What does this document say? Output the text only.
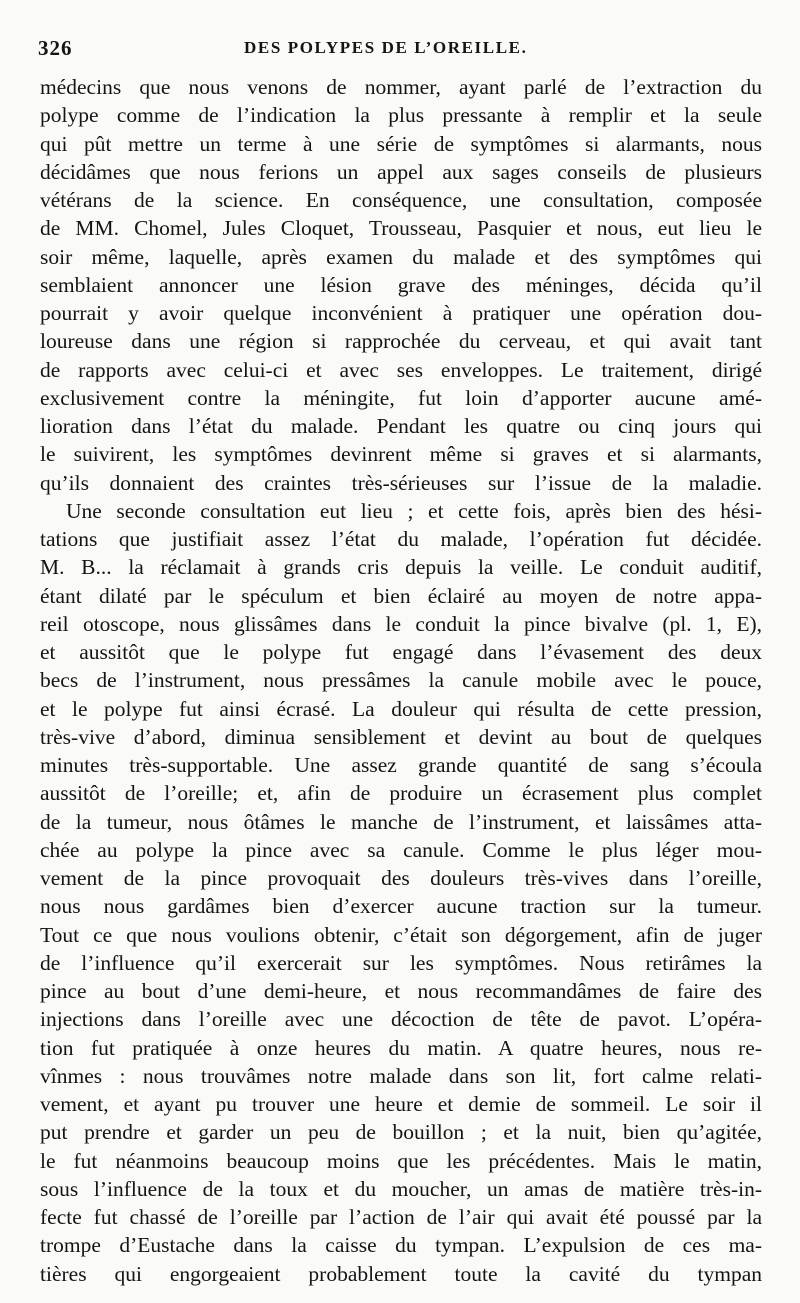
326	DES POLYPES DE L’OREILLE.
médecins que nous venons de nommer, ayant parlé de l’extraction du
polype comme de l’indication la plus pressante à remplir et la seule
qui pût mettre un terme à une série de symptômes si alarmants, nous
décidâmes que nous ferions un appel aux sages conseils de plusieurs
vétérans de la science. En conséquence, une consultation, composée
de MM. Chomel, Jules Cloquet, Trousseau, Pasquier et nous, eut lieu le
soir même, laquelle, après examen du malade et des symptômes qui
semblaient annoncer une lésion grave des méninges, décida qu’il
pourrait y avoir quelque inconvénient à pratiquer une opération dou-
loureuse dans une région si rapprochée du cerveau, et qui avait tant
de rapports avec celui-ci et avec ses enveloppes. Le traitement, dirigé
exclusivement contre la méningite, fut loin d’apporter aucune amé-
lioration dans l’état du malade. Pendant les quatre ou cinq jours qui
le suivirent, les symptômes devinrent même si graves et si alarmants,
qu’ils donnaient des craintes très-sérieuses sur l’issue de la maladie.
Une seconde consultation eut lieu ; et cette fois, après bien des hési-
tations que justifiait assez l’état du malade, l’opération fut décidée.
M. B... la réclamait à grands cris depuis la veille. Le conduit auditif,
étant dilaté par le spéculum et bien éclairé au moyen de notre appa-
reil otoscope, nous glissâmes dans le conduit la pince bivalve (pl. 1, E),
et aussitôt que le polype fut engagé dans l’évasement des deux
becs de l’instrument, nous pressâmes la canule mobile avec le pouce,
et le polype fut ainsi écrasé. La douleur qui résulta de cette pression,
très-vive d’abord, diminua sensiblement et devint au bout de quelques
minutes très-supportable. Une assez grande quantité de sang s’écoula
aussitôt de l’oreille; et, afin de produire un écrasement plus complet
de la tumeur, nous ôtâmes le manche de l’instrument, et laissâmes atta-
chée au polype la pince avec sa canule. Comme le plus léger mou-
vement de la pince provoquait des douleurs très-vives dans l’oreille,
nous nous gardâmes bien d’exercer aucune traction sur la tumeur.
Tout ce que nous voulions obtenir, c’était son dégorgement, afin de juger
de l’influence qu’il exercerait sur les symptômes. Nous retirâmes la
pince au bout d’une demi-heure, et nous recommandâmes de faire des
injections dans l’oreille avec une décoction de tête de pavot. L’opéra-
tion fut pratiquée à onze heures du matin. A quatre heures, nous re-
vînmes : nous trouvâmes notre malade dans son lit, fort calme relati-
vement, et ayant pu trouver une heure et demie de sommeil. Le soir il
put prendre et garder un peu de bouillon ; et la nuit, bien qu’agitée,
le fut néanmoins beaucoup moins que les précédentes. Mais le matin,
sous l’influence de la toux et du moucher, un amas de matière très-in-
fecte fut chassé de l’oreille par l’action de l’air qui avait été poussé par la
trompe d’Eustache dans la caisse du tympan. L’expulsion de ces ma-
tières qui engorgeaient probablement toute la cavité du tympan
